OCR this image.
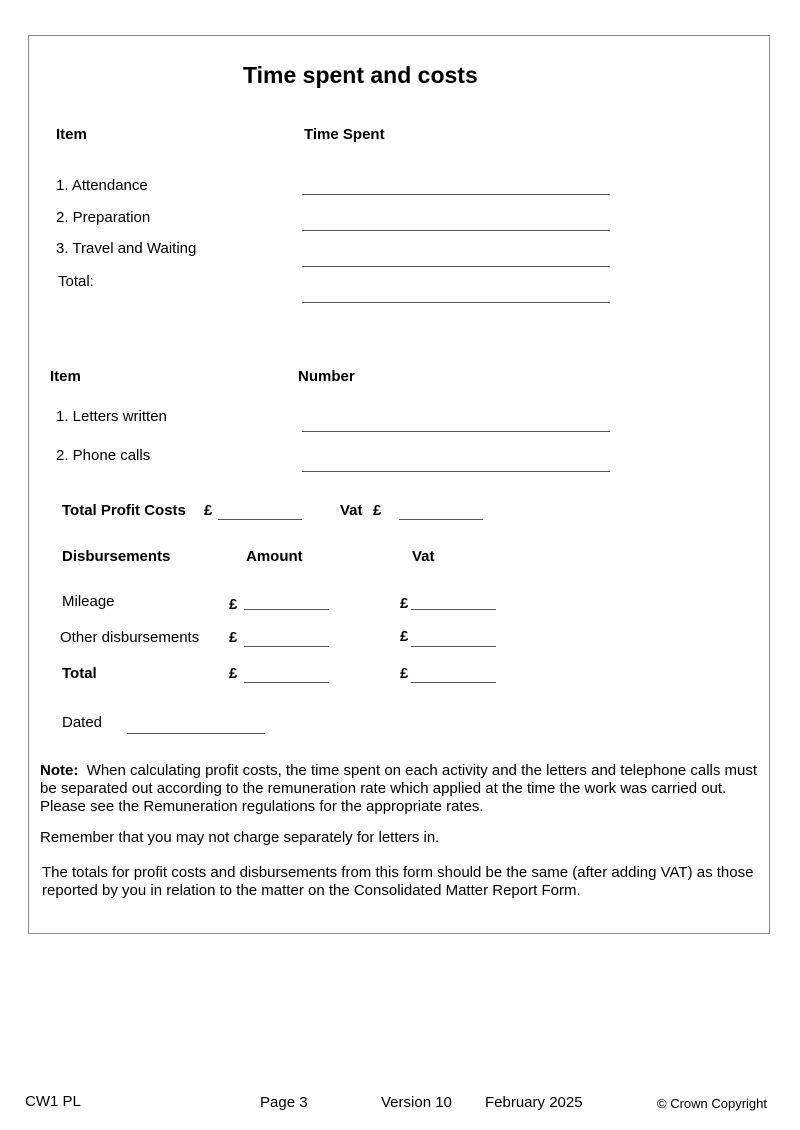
Time spent and costs
Item	Time Spent
1. Attendance
2. Preparation
3. Travel and Waiting
Total:
Item	Number
1. Letters written
2. Phone calls
Total Profit Costs £	Vat £
Disbursements	Amount	Vat
Mileage	£	£
Other disbursements £	£
Total	£	£
Dated
Note: When calculating profit costs, the time spent on each activity and the letters and telephone calls must be separated out according to the remuneration rate which applied at the time the work was carried out. Please see the Remuneration regulations for the appropriate rates.
Remember that you may not charge separately for letters in.
The totals for profit costs and disbursements from this form should be the same (after adding VAT) as those reported by you in relation to the matter on the Consolidated Matter Report Form.
CW1 PL	Page 3	Version 10 February 2025	© Crown Copyright
